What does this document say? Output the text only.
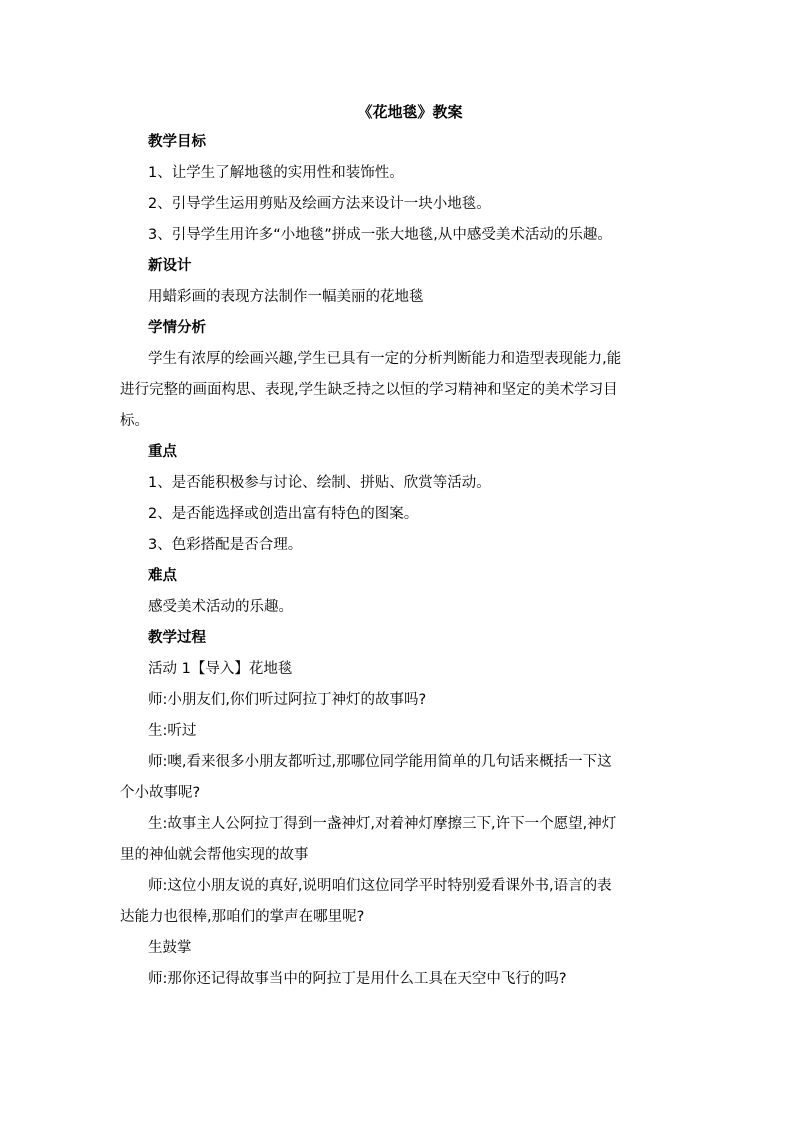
《花地毯》教案
教学目标
1、让学生了解地毯的实用性和装饰性。
2、引导学生运用剪贴及绘画方法来设计一块小地毯。
3、引导学生用许多“小地毯”拼成一张大地毯,从中感受美术活动的乐趣。
新设计
用蜡彩画的表现方法制作一幅美丽的花地毯
学情分析
学生有浓厚的绘画兴趣,学生已具有一定的分析判断能力和造型表现能力,能
进行完整的画面构思、表现,学生缺乏持之以恒的学习精神和坚定的美术学习目
标。
重点
1、是否能积极参与讨论、绘制、拼贴、欣赏等活动。
2、是否能选择或创造出富有特色的图案。
3、色彩搭配是否合理。
难点
感受美术活动的乐趣。
教学过程
活动 1【导入】花地毯
师:小朋友们,你们听过阿拉丁神灯的故事吗?
生:听过
师:噢,看来很多小朋友都听过,那哪位同学能用简单的几句话来概括一下这
个小故事呢?
生:故事主人公阿拉丁得到一盏神灯,对着神灯摩擦三下,许下一个愿望,神灯
里的神仙就会帮他实现的故事
师:这位小朋友说的真好,说明咱们这位同学平时特别爱看课外书,语言的表
达能力也很棒,那咱们的掌声在哪里呢?
生鼓掌
师:那你还记得故事当中的阿拉丁是用什么工具在天空中飞行的吗?
